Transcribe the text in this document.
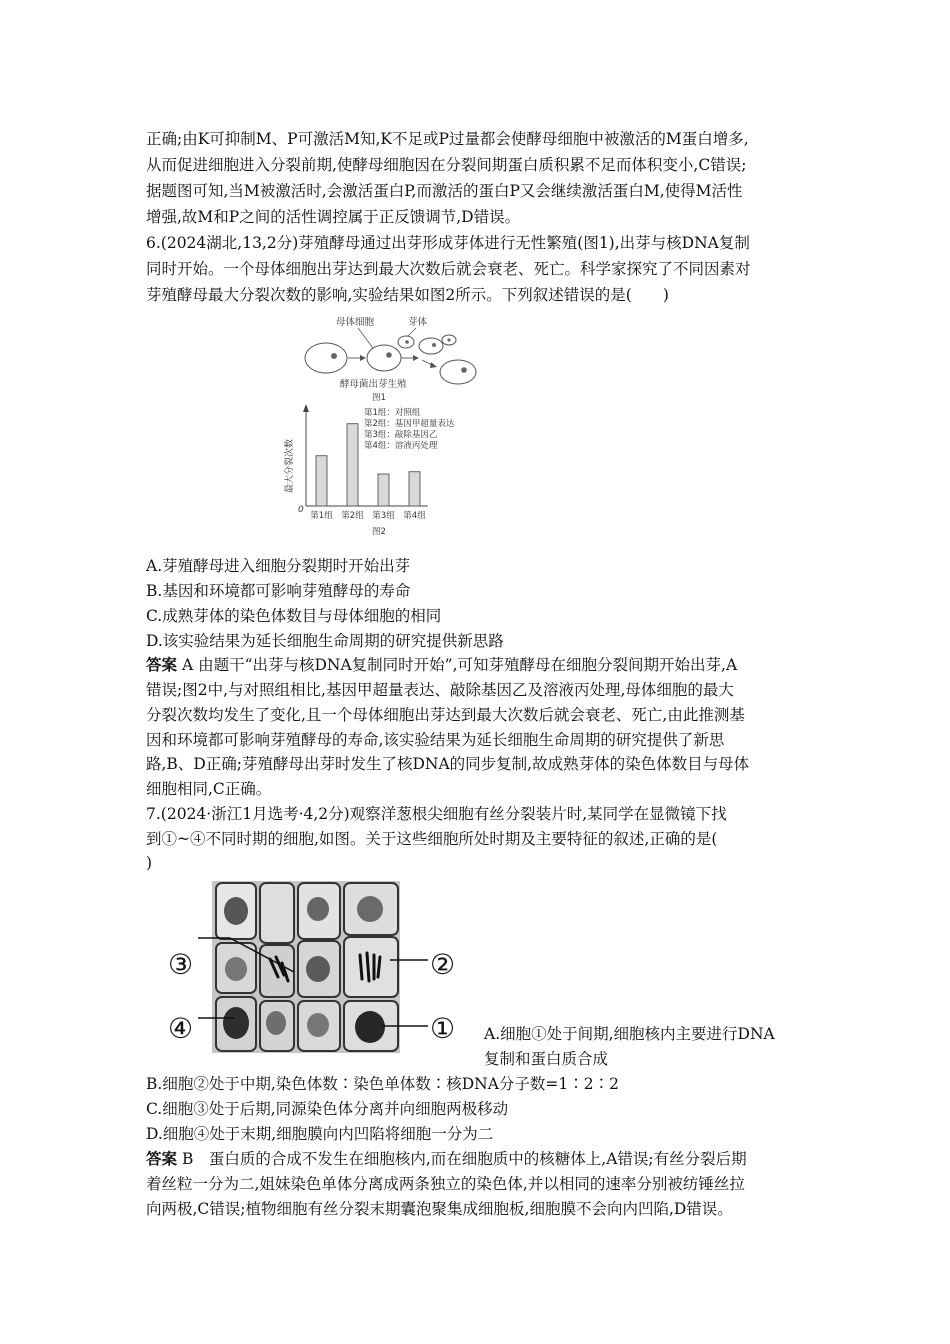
正确;由K可抑制M、P可激活M知,K不足或P过量都会使酵母细胞中被激活的M蛋白增多,
从而促进细胞进入分裂前期,使酵母细胞因在分裂间期蛋白质积累不足而体积变小,C错误;
据题图可知,当M被激活时,会激活蛋白P,而激活的蛋白P又会继续激活蛋白M,使得M活性
增强,故M和P之间的活性调控属于正反馈调节,D错误。
6.(2024湖北,13,2分)芽殖酵母通过出芽形成芽体进行无性繁殖(图1),出芽与核DNA复制
同时开始。一个母体细胞出芽达到最大次数后就会衰老、死亡。科学家探究了不同因素对
芽殖酵母最大分裂次数的影响,实验结果如图2所示。下列叙述错误的是(　　)
母体细胞	芽体
酵母菌出芽生殖
图1
最大分裂次数
0
第1组 第2组 第3组 第4组
第1组：对照组
第2组：基因甲超量表达
第3组：敲除基因乙
第4组：溶液丙处理
图2
A.芽殖酵母进入细胞分裂期时开始出芽
B.基因和环境都可影响芽殖酵母的寿命
C.成熟芽体的染色体数目与母体细胞的相同
D.该实验结果为延长细胞生命周期的研究提供新思路
答案 A 由题干“出芽与核DNA复制同时开始”,可知芽殖酵母在细胞分裂间期开始出芽,A
错误;图2中,与对照组相比,基因甲超量表达、敲除基因乙及溶液丙处理,母体细胞的最大
分裂次数均发生了变化,且一个母体细胞出芽达到最大次数后就会衰老、死亡,由此推测基
因和环境都可影响芽殖酵母的寿命,该实验结果为延长细胞生命周期的研究提供了新思
路,B、D正确;芽殖酵母出芽时发生了核DNA的同步复制,故成熟芽体的染色体数目与母体
细胞相同,C正确。
7.(2024·浙江1月选考·4,2分)观察洋葱根尖细胞有丝分裂装片时,某同学在显微镜下找
到①~④不同时期的细胞,如图。关于这些细胞所处时期及主要特征的叙述,正确的是(
)
③	②
④	① A.细胞①处于间期,细胞核内主要进行DNA
复制和蛋白质合成
B.细胞②处于中期,染色体数∶染色单体数∶核DNA分子数=1∶2∶2
C.细胞③处于后期,同源染色体分离并向细胞两极移动
D.细胞④处于末期,细胞膜向内凹陷将细胞一分为二
答案 B　蛋白质的合成不发生在细胞核内,而在细胞质中的核糖体上,A错误;有丝分裂后期
着丝粒一分为二,姐妹染色单体分离成两条独立的染色体,并以相同的速率分别被纺锤丝拉
向两极,C错误;植物细胞有丝分裂末期囊泡聚集成细胞板,细胞膜不会向内凹陷,D错误。
